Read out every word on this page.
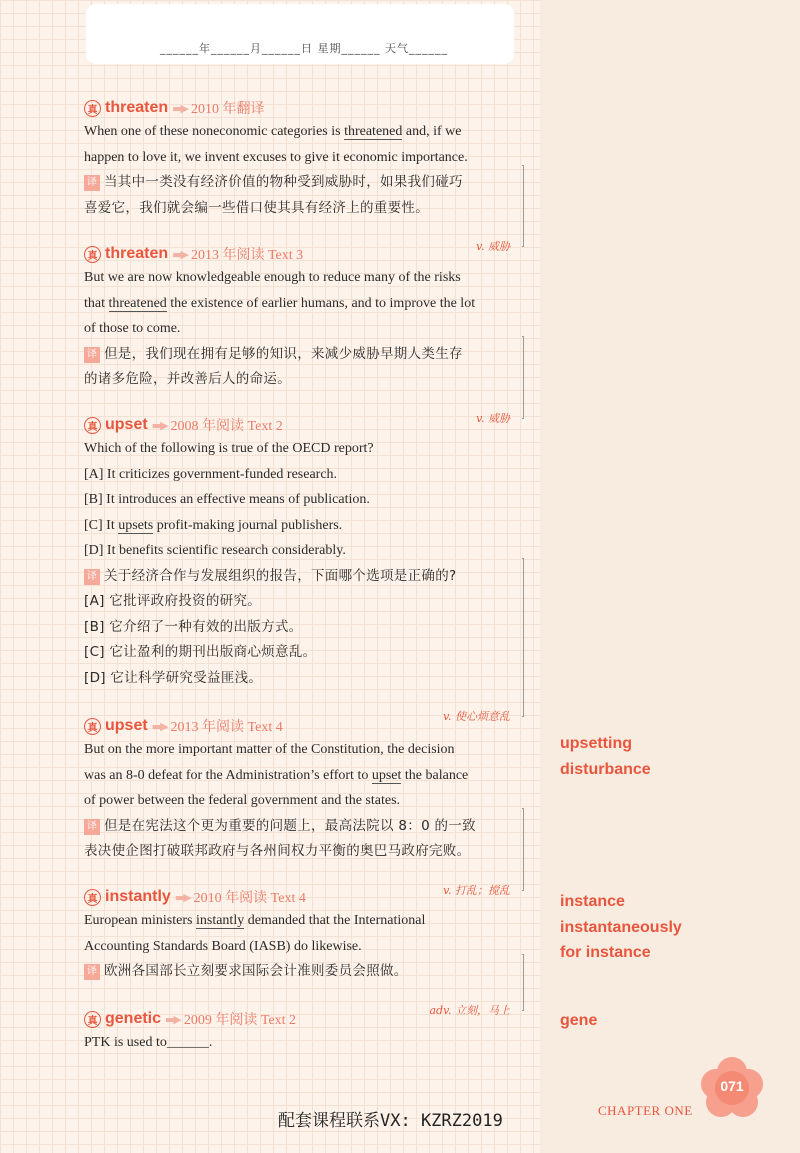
______年______月______日 星期______ 天气______
真 threaten ▬▶ 2010 年翻译
When one of these noneconomic categories is threatened and, if we
happen to love it, we invent excuses to give it economic importance.
译 当其中一类没有经济价值的物种受到威胁时，如果我们碰巧
喜爱它，我们就会编一些借口使其具有经济上的重要性。
v. 威胁
真 threaten ▬▶ 2013 年阅读 Text 3
But we are now knowledgeable enough to reduce many of the risks
that threatened the existence of earlier humans, and to improve the lot
of those to come.
译 但是，我们现在拥有足够的知识，来减少威胁早期人类生存
的诸多危险，并改善后人的命运。
v. 威胁
真 upset ▬▶ 2008 年阅读 Text 2
Which of the following is true of the OECD report?
[A] It criticizes government-funded research.
[B] It introduces an effective means of publication.
[C] It upsets profit-making journal publishers.
[D] It benefits scientific research considerably.
译 关于经济合作与发展组织的报告，下面哪个选项是正确的?
[A] 它批评政府投资的研究。
[B] 它介绍了一种有效的出版方式。
[C] 它让盈利的期刊出版商心烦意乱。
[D] 它让科学研究受益匪浅。
v. 使心烦意乱
真 upset ▬▶ 2013 年阅读 Text 4
But on the more important matter of the Constitution, the decision
was an 8-0 defeat for the Administration’s effort to upset the balance
of power between the federal government and the states.
译 但是在宪法这个更为重要的问题上，最高法院以 8：0 的一致
表决使企图打破联邦政府与各州间权力平衡的奥巴马政府完败。
v. 打乱；搅乱
真 instantly ▬▶ 2010 年阅读 Text 4
European ministers instantly demanded that the International
Accounting Standards Board (IASB) do likewise.
译 欧洲各国部长立刻要求国际会计准则委员会照做。
adv. 立刻，马上
真 genetic ▬▶ 2009 年阅读 Text 2
PTK is used to______.
upsetting
disturbance
instance
instantaneously
for instance
gene
071
CHAPTER ONE
配套课程联系VX: KZRZ2019
